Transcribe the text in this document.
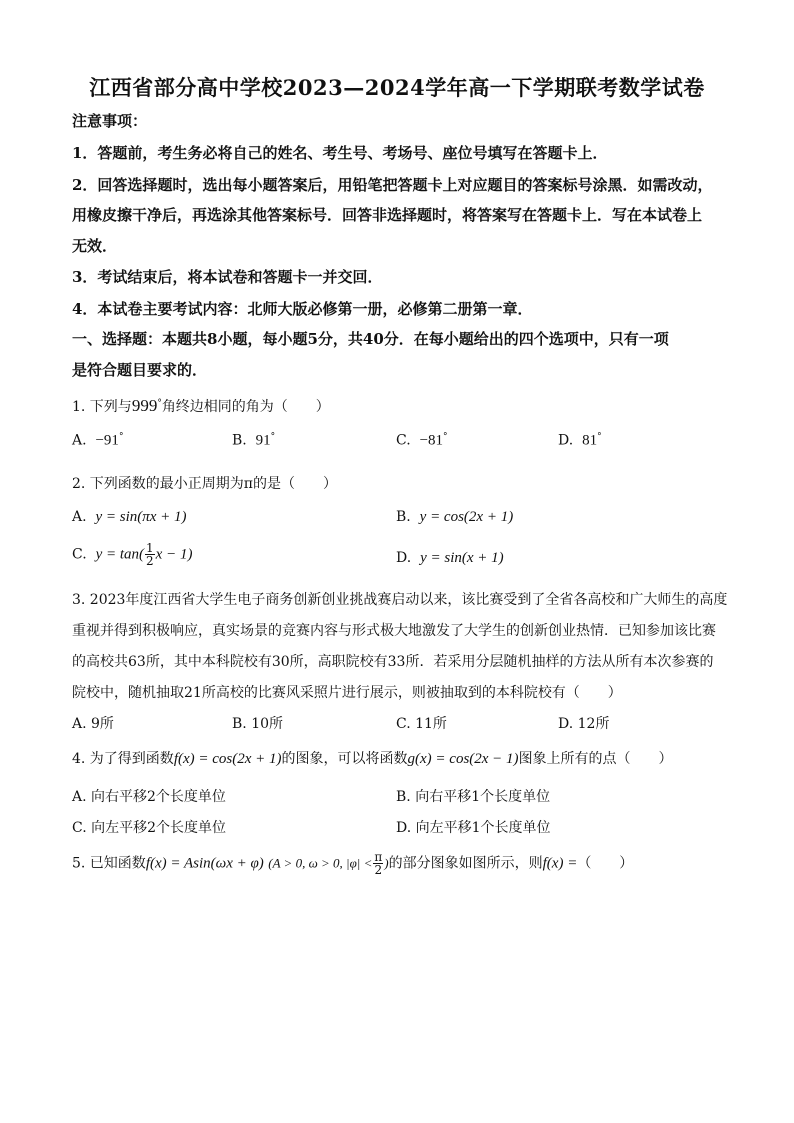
江西省部分高中学校2023—2024学年高一下学期联考数学试卷
注意事项：
1．答题前，考生务必将自己的姓名、考生号、考场号、座位号填写在答题卡上．
2．回答选择题时，选出每小题答案后，用铅笔把答题卡上对应题目的答案标号涂黑．如需改动，
用橡皮擦干净后，再选涂其他答案标号．回答非选择题时，将答案写在答题卡上．写在本试卷上
无效．
3．考试结束后，将本试卷和答题卡一并交回．
4．本试卷主要考试内容：北师大版必修第一册，必修第二册第一章．
一、选择题：本题共8小题，每小题5分，共40分．在每小题给出的四个选项中，只有一项
是符合题目要求的．
1. 下列与999°角终边相同的角为（　　）
A. −91°	B. 91°	C. −81°	D. 81°
2. 下列函数的最小正周期为π的是（　　）
A. y = sin(πx + 1)	B. y = cos(2x + 1)
C. $y = \tan( \frac{1}{2}$ x − 1)	D. y = sin(x + 1)
3. 2023年度江西省大学生电子商务创新创业挑战赛启动以来，该比赛受到了全省各高校和广大师生的高度
重视并得到积极响应，真实场景的竞赛内容与形式极大地激发了大学生的创新创业热情．已知参加该比赛
的高校共63所，其中本科院校有30所，高职院校有33所．若采用分层随机抽样的方法从所有本次参赛的
院校中，随机抽取21所高校的比赛风采照片进行展示，则被抽取到的本科院校有（　　）
A. 9所	B. 10所	C. 11所	D. 12所
4. 为了得到函数f(x) = cos(2x + 1)的图象，可以将函数g(x) = cos(2x − 1)图象上所有的点（　　）
A. 向右平移2个长度单位	B. 向右平移1个长度单位
C. 向左平移2个长度单位	D. 向左平移1个长度单位
5. 已知函数f(x) = Asin(ωx + φ) (A > 0, ω > 0, $|\varphi| < \frac{\pi}{2}$ )的部分图象如图所示，则f(x) =（　　）
